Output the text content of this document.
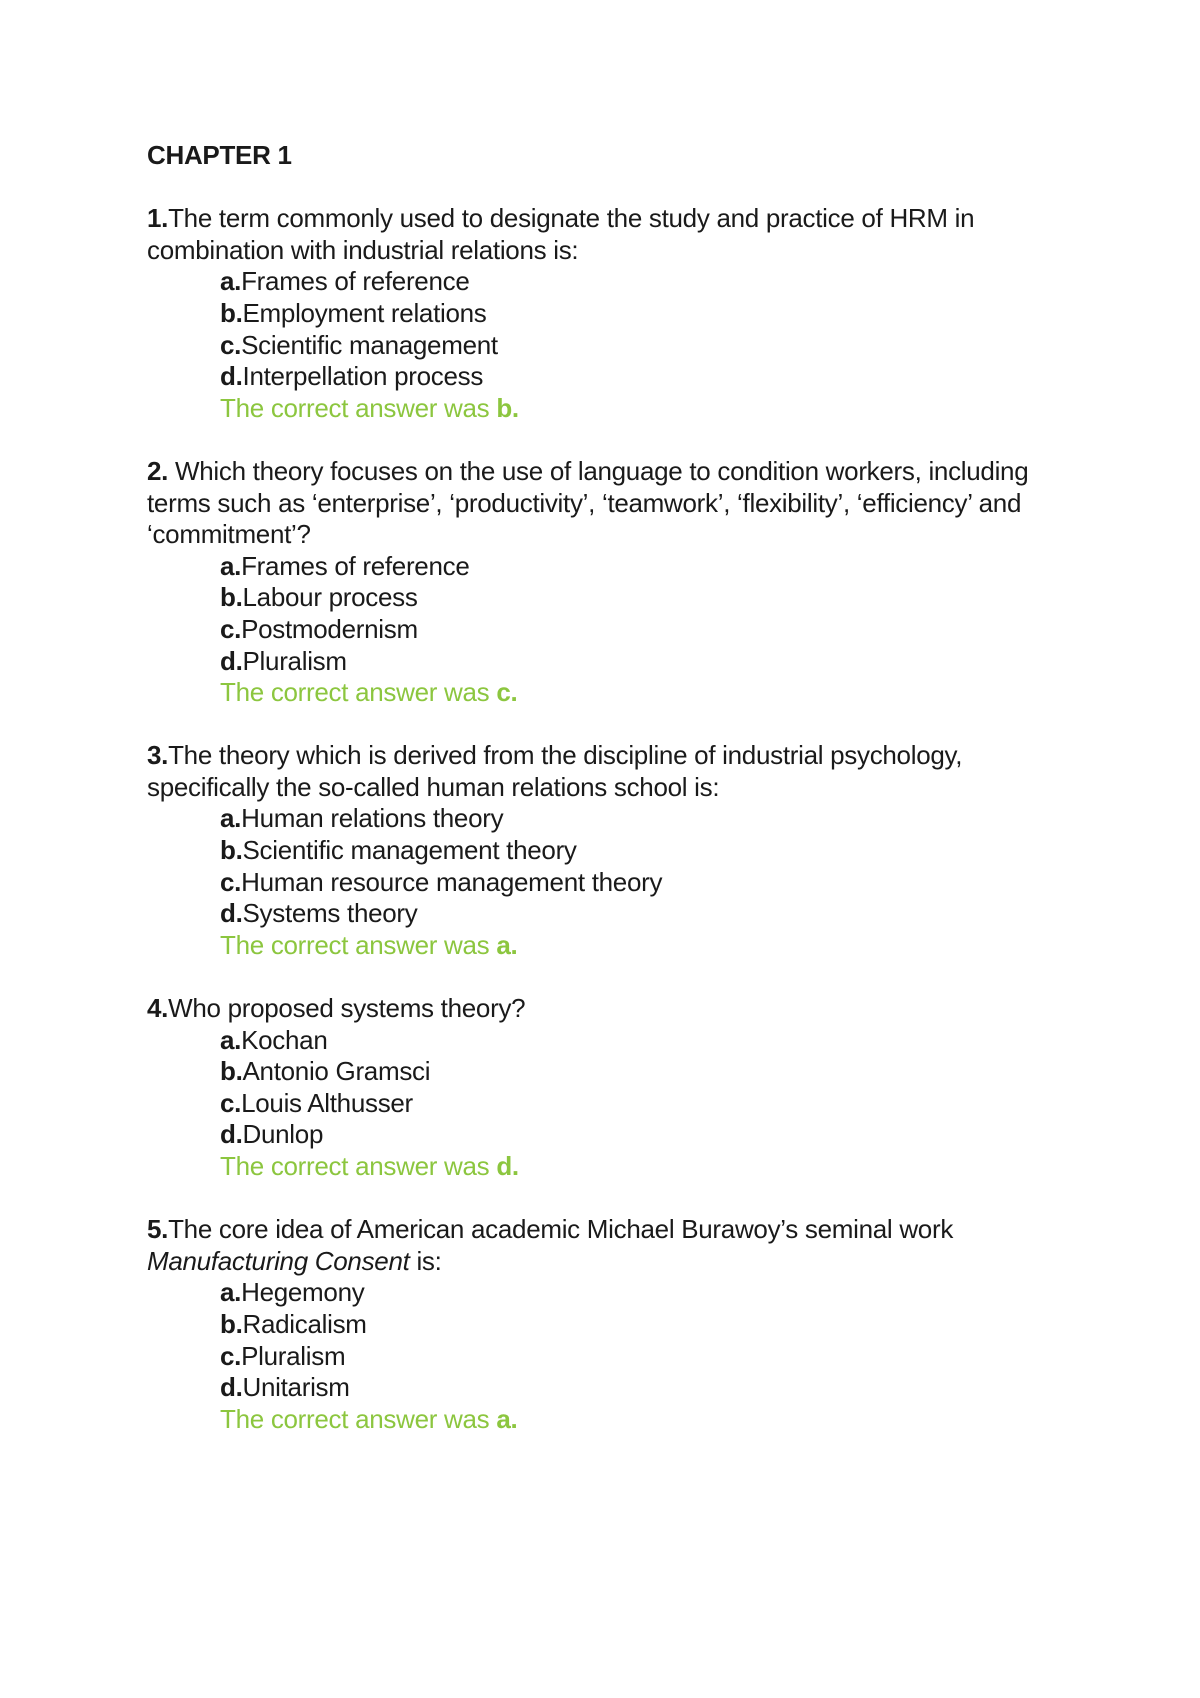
CHAPTER 1

1.The term commonly used to designate the study and practice of HRM in combination with industrial relations is:

a.Frames of reference

b.Employment relations

c.Scientific management

d.Interpellation process

The correct answer was b.

2. Which theory focuses on the use of language to condition workers, including terms such as ‘enterprise’, ‘productivity’, ‘teamwork’, ‘flexibility’, ‘efficiency’ and ‘commitment’?

a.Frames of reference

b.Labour process

c.Postmodernism

d.Pluralism

The correct answer was c.

3.The theory which is derived from the discipline of industrial psychology, specifically the so-called human relations school is:

a.Human relations theory

b.Scientific management theory

c.Human resource management theory

d.Systems theory

The correct answer was a.

4.Who proposed systems theory?

a.Kochan

b.Antonio Gramsci

c.Louis Althusser

d.Dunlop

The correct answer was d.

5.The core idea of American academic Michael Burawoy’s seminal work Manufacturing Consent is:

a.Hegemony

b.Radicalism

c.Pluralism

d.Unitarism

The correct answer was a.
